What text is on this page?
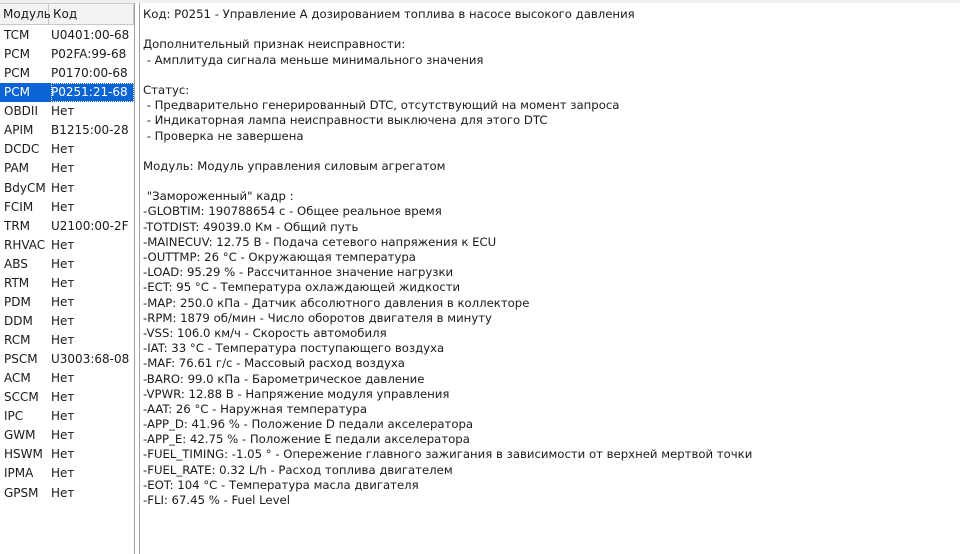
Модуль Код
TCM	U0401:00-68
PCM	P02FA:99-68
PCM	P0170:00-68
PCM	P0251:21-68
OBDII	Нет
APIM	B1215:00-28
DCDC Нет
PAM	Нет
BdyCM Нет
FCIM	Нет
TRM	U2100:00-2F
RHVAC Нет
ABS	Нет
RTM	Нет
PDM	Нет
DDM	Нет
RCM	Нет
PSCM	U3003:68-08
ACM	Нет
SCCM	Нет
IPC	Нет
GWM	Нет
HSWM Нет
IPMA	Нет
GPSM	Нет
Код: P0251 - Управление А дозированием топлива в насосе высокого давления
Дополнительный признак неисправности:
- Амплитуда сигнала меньше минимального значения
Статус:
- Предварительно генерированный DTC, отсутствующий на момент запроса
- Индикаторная лампа неисправности выключена для этого DTC
- Проверка не завершена
Модуль: Модуль управления силовым агрегатом
"Замороженный" кадр :
-GLOBTIM: 190788654 с - Общее реальное время
-TOTDIST: 49039.0 Км - Общий путь
-MAINECUV: 12.75 В - Подача сетевого напряжения к ECU
-OUTTMP: 26 °C - Окружающая температура
-LOAD: 95.29 % - Рассчитанное значение нагрузки
-ECT: 95 °C - Температура охлаждающей жидкости
-MAP: 250.0 кПа - Датчик абсолютного давления в коллекторе
-RPM: 1879 об/мин - Число оборотов двигателя в минуту
-VSS: 106.0 км/ч - Скорость автомобиля
-IAT: 33 °C - Температура поступающего воздуха
-MAF: 76.61 г/с - Массовый расход воздуха
-BARO: 99.0 кПа - Барометрическое давление
-VPWR: 12.88 В - Напряжение модуля управления
-AAT: 26 °C - Наружная температура
-APP_D: 41.96 % - Положение D педали акселератора
-APP_E: 42.75 % - Положение E педали акселератора
-FUEL_TIMING: -1.05 ° - Опережение главного зажигания в зависимости от верхней мертвой точки
-FUEL_RATE: 0.32 L/h - Расход топлива двигателем
-EOT: 104 °C - Температура масла двигателя
-FLI: 67.45 % - Fuel Level
